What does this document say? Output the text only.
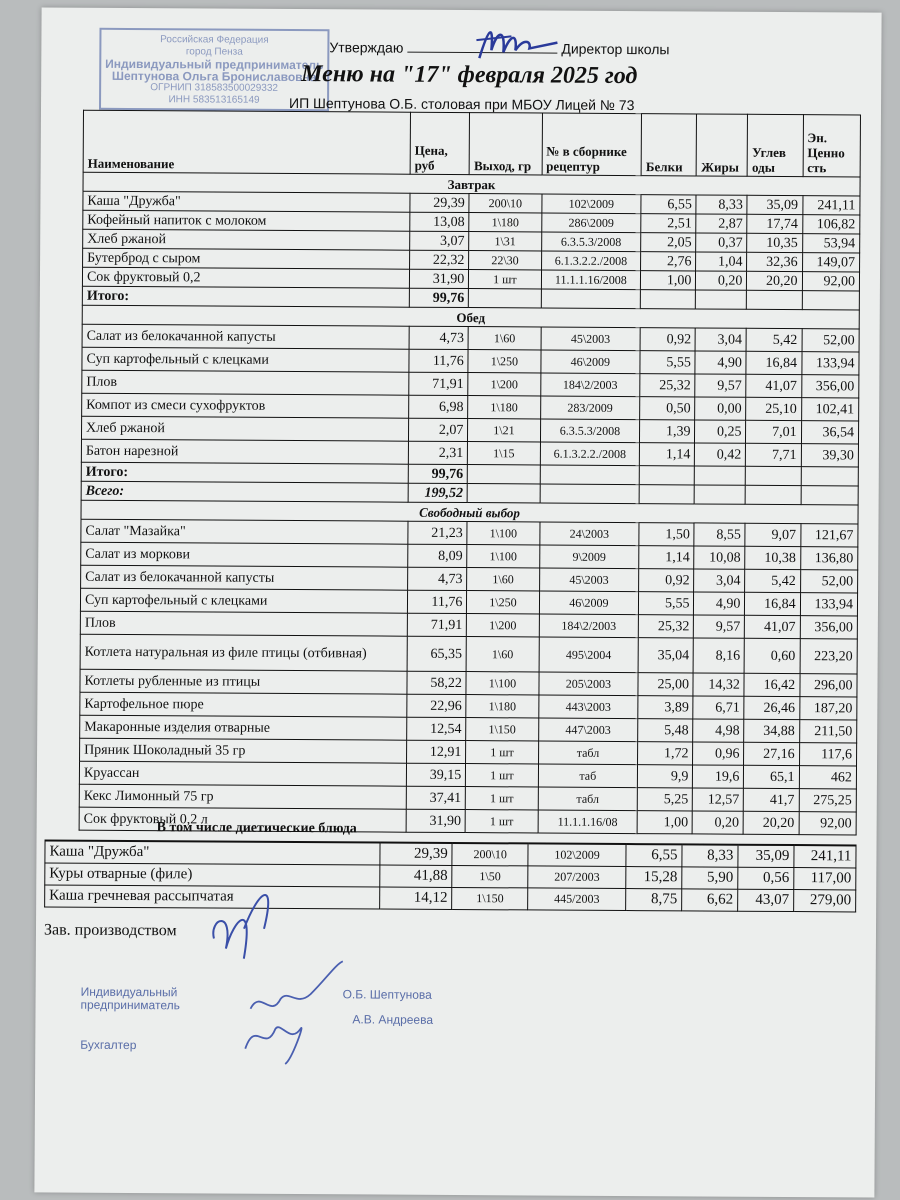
Российская Федерация
город Пенза
Индивидуальный предприниматель
Шептунова Ольга Брониславовна
ОГРНИП 318583500029332
ИНН 583513165149
Утверждаю	Директор школы
Меню на "17" февраля 2025 год
ИП Шептунова О.Б. столовая при МБОУ Лицей № 73
Наименование	Цена, руб	Выход, гр	№ в сборнике рецептур	Белки	Жиры	Углев оды	Эн. Ценно сть
Завтрак							
Каша "Дружба"	29,39	200\10	102\2009	6,55	8,33	35,09	241,11
Кофейный напиток с молоком	13,08	1\180	286\2009	2,51	2,87	17,74	106,82
Хлеб ржаной	3,07	1\31	6.3.5.3/2008	2,05	0,37	10,35	53,94
Бутерброд с сыром	22,32	22\30	6.1.3.2.2./2008	2,76	1,04	32,36	149,07
Сок фруктовый 0,2	31,90	1 шт	11.1.1.16/2008	1,00	0,20	20,20	92,00
Итого:	99,76						
Обед							
Салат из белокачанной капусты	4,73	1\60	45\2003	0,92	3,04	5,42	52,00
Суп картофельный с клецками	11,76	1\250	46\2009	5,55	4,90	16,84	133,94
Плов	71,91	1\200	184\2/2003	25,32	9,57	41,07	356,00
Компот из смеси сухофруктов	6,98	1\180	283/2009	0,50	0,00	25,10	102,41
Хлеб ржаной	2,07	1\21	6.3.5.3/2008	1,39	0,25	7,01	36,54
Батон нарезной	2,31	1\15	6.1.3.2.2./2008	1,14	0,42	7,71	39,30
Итого:	99,76						
Всего:	199,52						
Свободный выбор							
Салат "Мазайка"	21,23	1\100	24\2003	1,50	8,55	9,07	121,67
Салат из моркови	8,09	1\100	9\2009	1,14	10,08	10,38	136,80
Салат из белокачанной капусты	4,73	1\60	45\2003	0,92	3,04	5,42	52,00
Суп картофельный с клецками	11,76	1\250	46\2009	5,55	4,90	16,84	133,94
Плов	71,91	1\200	184\2/2003	25,32	9,57	41,07	356,00
Котлета натуральная из филе птицы (отбивная)	65,35	1\60	495\2004	35,04	8,16	0,60	223,20
Котлеты рубленные из птицы	58,22	1\100	205\2003	25,00	14,32	16,42	296,00
Картофельное пюре	22,96	1\180	443\2003	3,89	6,71	26,46	187,20
Макаронные изделия отварные	12,54	1\150	447\2003	5,48	4,98	34,88	211,50
Пряник Шоколадный 35 гр	12,91	1 шт	табл	1,72	0,96	27,16	117,6
Круассан	39,15	1 шт	таб	9,9	19,6	65,1	462
Кекс Лимонный 75 гр	37,41	1 шт	табл	5,25	12,57	41,7	275,25
Сок фруктовый 0,2 л	31,90	1 шт	11.1.1.16/08	1,00	0,20	20,20	92,00
В том числе диетические блюда
Каша "Дружба"	29,39	200\10	102\2009	6,55	8,33	35,09	241,11
Куры отварные (филе)	41,88	1\50	207/2003	15,28	5,90	0,56	117,00
Каша гречневая рассыпчатая	14,12	1\150	445/2003	8,75	6,62	43,07	279,00
Зав. производством
Индивидуальный предприниматель
Бухгалтер
О.Б. Шептунова
А.В. Андреева
